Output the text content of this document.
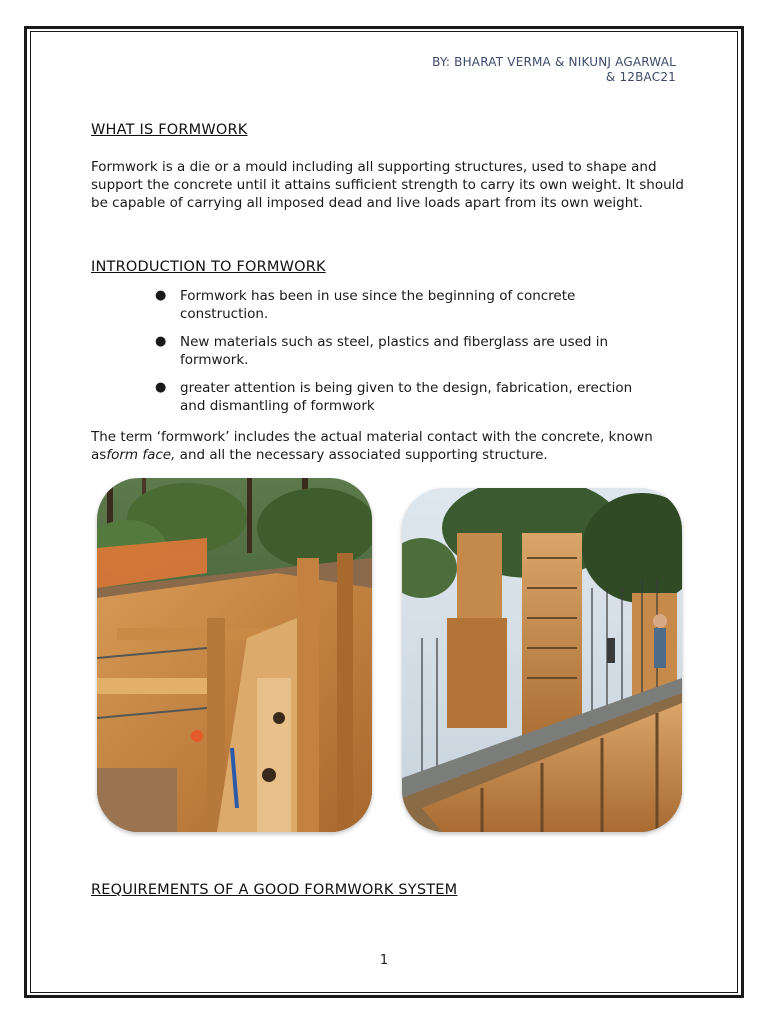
BY: BHARAT VERMA & NIKUNJ AGARWAL
& 12BAC21
WHAT IS FORMWORK
Formwork is a die or a mould including all supporting structures, used to shape and support the concrete until it attains sufficient strength to carry its own weight. It should be capable of carrying all imposed dead and live loads apart from its own weight.
INTRODUCTION TO FORMWORK
● Formwork has been in use since the beginning of concrete construction.
● New materials such as steel, plastics and fiberglass are used in formwork.
● greater attention is being given to the design, fabrication, erection and dismantling of formwork
The term ‘formwork’ includes the actual material contact with the concrete, known asform face, and all the necessary associated supporting structure.
REQUIREMENTS OF A GOOD FORMWORK SYSTEM
1
